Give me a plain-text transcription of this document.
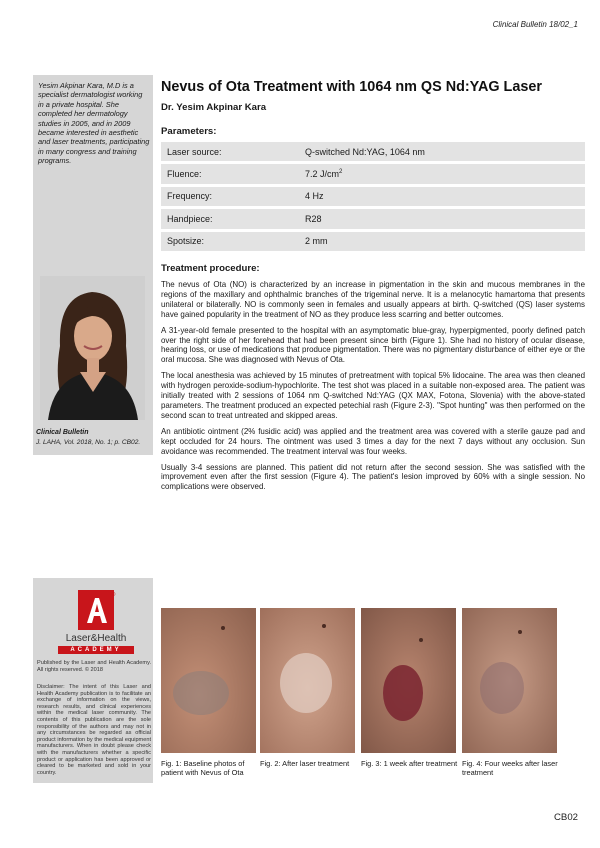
Clinical Bulletin 18/02_1
Yesim Akpinar Kara, M.D is a specialist dermatologist working in a private hospital. She completed her dermatology studies in 2005, and in 2009 became interested in aesthetic and laser treatments, participating in many congress and training programs.
Clinical Bulletin
J. LAHA, Vol. 2018, No. 1; p. CB02.
®
Laser&Health
ACADEMY
Published by the Laser and Health Academy. All rights reserved. © 2018
Disclaimer: The intent of this Laser and Health Academy publication is to facilitate an exchange of information on the views, research results, and clinical experiences within the medical laser community. The contents of this publication are the sole responsibility of the authors and may not in any circumstances be regarded as official product information by the medical equipment manufacturers. When in doubt please check with the manufacturers whether a specific product or application has been approved or cleared to be marketed and sold in your country.
Nevus of Ota Treatment with 1064 nm QS Nd:YAG Laser
Dr. Yesim Akpinar Kara
Parameters:
Laser source:	Q-switched Nd:YAG, 1064 nm
Fluence:	7.2 $J/cm^2$
Frequency:	4 Hz
Handpiece:	R28
Spotsize:	2 mm
Treatment procedure:

The nevus of Ota (NO) is characterized by an increase in pigmentation in the skin and mucous membranes in the regions of the maxillary and ophthalmic branches of the trigeminal nerve. It is a melanocytic hamartoma that presents unilateral or bilaterally. NO is commonly seen in females and usually appears at birth. Q-switched (QS) laser systems have gained popularity in the treatment of NO as they produce less scarring and better outcomes.

A 31-year-old female presented to the hospital with an asymptomatic blue-gray, hyperpigmented, poorly defined patch over the right side of her forehead that had been present since birth (Figure 1). She had no history of ocular disease, hearing loss, or use of medications that produce pigmentation. There was no pigmentary disturbance of either eye or the oral mucosa. She was diagnosed with Nevus of Ota.

The local anesthesia was achieved by 15 minutes of pretreatment with topical 5% lidocaine. The area was then cleaned with hydrogen peroxide-sodium-hypochlorite. The test shot was placed in a suitable non-exposed area. The patient was initially treated with 2 sessions of 1064 nm Q-switched Nd:YAG (QX MAX, Fotona, Slovenia) with the above-stated parameters. The treatment produced an expected petechial rash (Figure 2-3). "Spot hunting" was then performed on the second scan to treat untreated and skipped areas.

An antibiotic ointment (2% fusidic acid) was applied and the treatment area was covered with a sterile gauze pad and kept occluded for 24 hours. The ointment was used 3 times a day for the next 7 days without any occlusion. Sun avoidance was recommended. The treatment interval was four weeks.

Usually 3-4 sessions are planned. This patient did not return after the second session. She was satisfied with the improvement even after the first session (Figure 4). The patient's lesion improved by 60% with a single session. No complications were observed.

Fig. 1: Baseline photos of patient with Nevus of Ota
Fig. 2: After laser treatment	Fig. 3: 1 week after treatment Fig. 4: Four weeks after laser treatment
CB02
